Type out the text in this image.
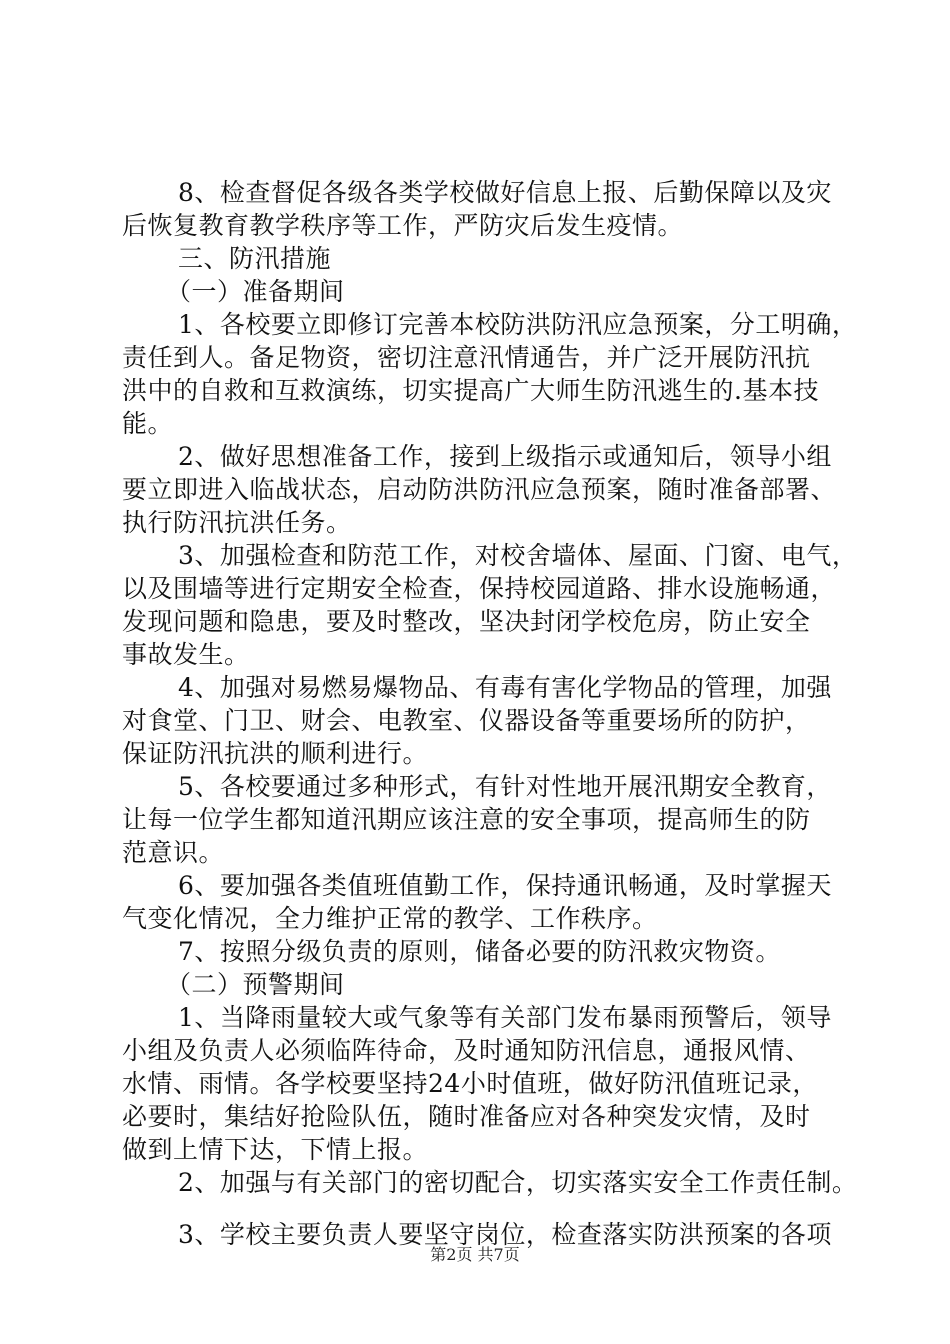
8、检查督促各级各类学校做好信息上报、后勤保障以及灾
后恢复教育教学秩序等工作，严防灾后发生疫情。
三、防汛措施
（一）准备期间
1、各校要立即修订完善本校防洪防汛应急预案，分工明确，
责任到人。备足物资，密切注意汛情通告，并广泛开展防汛抗
洪中的自救和互救演练，切实提高广大师生防汛逃生的.基本技
能。
2、做好思想准备工作，接到上级指示或通知后，领导小组
要立即进入临战状态，启动防洪防汛应急预案，随时准备部署、
执行防汛抗洪任务。
3、加强检查和防范工作，对校舍墙体、屋面、门窗、电气，
以及围墙等进行定期安全检查，保持校园道路、排水设施畅通，
发现问题和隐患，要及时整改，坚决封闭学校危房，防止安全
事故发生。
4、加强对易燃易爆物品、有毒有害化学物品的管理，加强
对食堂、门卫、财会、电教室、仪器设备等重要场所的防护，
保证防汛抗洪的顺利进行。
5、各校要通过多种形式，有针对性地开展汛期安全教育，
让每一位学生都知道汛期应该注意的安全事项，提高师生的防
范意识。
6、要加强各类值班值勤工作，保持通讯畅通，及时掌握天
气变化情况，全力维护正常的教学、工作秩序。
7、按照分级负责的原则，储备必要的防汛救灾物资。
（二）预警期间
1、当降雨量较大或气象等有关部门发布暴雨预警后，领导
小组及负责人必须临阵待命，及时通知防汛信息，通报风情、
水情、雨情。各学校要坚持24小时值班，做好防汛值班记录，
必要时，集结好抢险队伍，随时准备应对各种突发灾情，及时
做到上情下达，下情上报。
2、加强与有关部门的密切配合，切实落实安全工作责任制。
3、学校主要负责人要坚守岗位，检查落实防洪预案的各项
第2页 共7页
